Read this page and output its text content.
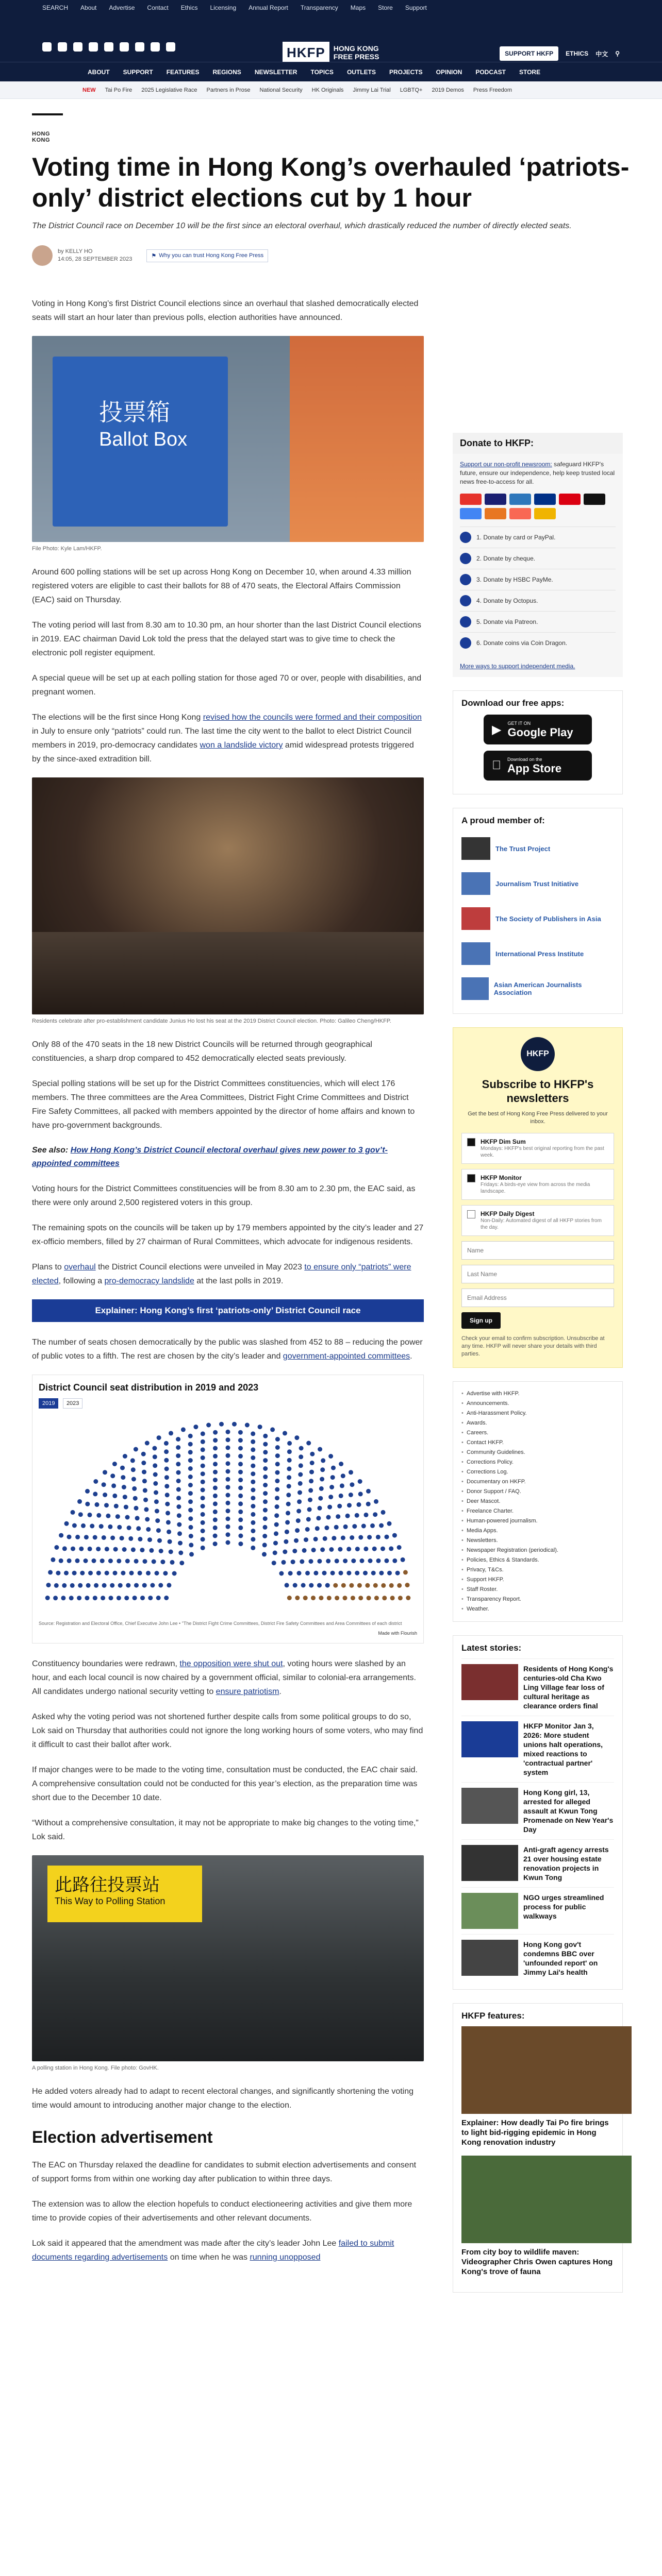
SEARCH About Advertise Contact Ethics Licensing Annual Report Transparency Maps Store Support
HKFP	HONG KONG
FREE PRESS	SUPPORT HKFP	ETHICS 中文 ⚲
ABOUT SUPPORT FEATURES REGIONS NEWSLETTER TOPICS OUTLETS PROJECTS OPINION PODCAST STORE
NEW Tai Po Fire 2025 Legislative Race Partners in Prose National Security HK Originals Jimmy Lai Trial LGBTQ+ 2019 Demos Press Freedom
HONG KONG
Voting time in Hong Kong’s overhauled ‘patriots-only’ district elections cut by 1 hour
The District Council race on December 10 will be the first since an electoral overhaul, which drastically reduced the number of directly elected seats.
by KELLY HO
14:05, 28 SEPTEMBER 2023
⚑ Why you can trust Hong Kong Free Press

Voting in Hong Kong’s first District Council elections since an overhaul that slashed democratically elected seats will start an hour later than previous polls, election authorities have announced.

投票箱
Ballot Box
File Photo: Kyle Lam/HKFP.

Around 600 polling stations will be set up across Hong Kong on December 10, when around 4.33 million registered voters are eligible to cast their ballots for 88 of 470 seats, the Electoral Affairs Commission (EAC) said on Thursday.

The voting period will last from 8.30 am to 10.30 pm, an hour shorter than the last District Council elections in 2019. EAC chairman David Lok told the press that the delayed start was to give time to check the electronic poll register equipment.

A special queue will be set up at each polling station for those aged 70 or over, people with disabilities, and pregnant women.

The elections will be the first since Hong Kong revised how the councils were formed and their composition in July to ensure only “patriots” could run. The last time the city went to the ballot to elect District Council members in 2019, pro-democracy candidates won a landslide victory amid widespread protests triggered by the since-axed extradition bill.

Residents celebrate after pro-establishment candidate Junius Ho lost his seat at the 2019 District Council election. Photo: Galileo Cheng/HKFP.

Only 88 of the 470 seats in the 18 new District Councils will be returned through geographical constituencies, a sharp drop compared to 452 democratically elected seats previously.

Special polling stations will be set up for the District Committees constituencies, which will elect 176 members. The three committees are the Area Committees, District Fight Crime Committees and District Fire Safety Committees, all packed with members appointed by the director of home affairs and known to have pro-government backgrounds.

See also: How Hong Kong’s District Council electoral overhaul gives new power to 3 gov’t-appointed committees

Voting hours for the District Committees constituencies will be from 8.30 am to 2.30 pm, the EAC said, as there were only around 2,500 registered voters in this group.

The remaining spots on the councils will be taken up by 179 members appointed by the city’s leader and 27 ex-officio members, filled by 27 chairman of Rural Committees, which advocate for indigenous residents.

Plans to overhaul the District Council elections were unveiled in May 2023 to ensure only “patriots” were elected, following a pro-democracy landslide at the last polls in 2019.

Explainer: Hong Kong’s first ‘patriots-only’ District Council race

The number of seats chosen democratically by the public was slashed from 452 to 88 – reducing the power of public votes to a fifth. The rest are chosen by the city’s leader and government-appointed committees.

District Council seat distribution in 2019 and 2023
2019 2023
Source: Registration and Electoral Office, Chief Executive John Lee • "The District Fight Crime Committees, District Fire Safety Committees and Area Committees of each district
Made with Flourish

Constituency boundaries were redrawn, the opposition were shut out, voting hours were slashed by an hour, and each local council is now chaired by a government official, similar to colonial-era arrangements. All candidates undergo national security vetting to ensure patriotism.

Asked why the voting period was not shortened further despite calls from some political groups to do so, Lok said on Thursday that authorities could not ignore the long working hours of some voters, who may find it difficult to cast their ballot after work.

If major changes were to be made to the voting time, consultation must be conducted, the EAC chair said. A comprehensive consultation could not be conducted for this year’s election, as the preparation time was short due to the December 10 date.

“Without a comprehensive consultation, it may not be appropriate to make big changes to the voting time,” Lok said.

此路往投票站
This Way to Polling Station
A polling station in Hong Kong. File photo: GovHK.

He added voters already had to adapt to recent electoral changes, and significantly shortening the voting time would amount to introducing another major change to the election.

Election advertisement

The EAC on Thursday relaxed the deadline for candidates to submit election advertisements and consent of support forms from within one working day after publication to within three days.

The extension was to allow the election hopefuls to conduct electioneering activities and give them more time to provide copies of their advertisements and other relevant documents.

Lok said it appeared that the amendment was made after the city’s leader John Lee failed to submit documents regarding advertisements on time when he was running unopposed

Donate to HKFP:
Support our non-profit newsroom: safeguard HKFP's future, ensure our independence, help keep trusted local news free-to-access for all.
1. Donate by card or PayPal.
2. Donate by cheque.
3. Donate by HSBC PayMe.
4. Donate by Octopus.
5. Donate via Patreon.
6. Donate coins via Coin Dragon.
More ways to support independent media.
Download our free apps:
▶ GET IT ON
Google Play
Download on the
App Store
A proud member of:
The Trust Project
Journalism Trust Initiative
The Society of Publishers in Asia
International Press Institute
Asian American Journalists Association
HKFP
Subscribe to HKFP's newsletters
Get the best of Hong Kong Free Press delivered to your inbox.
HKFP Dim Sum
Mondays: HKFP's best original reporting from the past week.
HKFP Monitor
Fridays: A birds-eye view from across the media landscape.
HKFP Daily Digest
Non-Daily: Automated digest of all HKFP stories from the day.
Name Last Name Email Address Sign up
Check your email to confirm subscription. Unsubscribe at any time. HKFP will never share your details with third parties.
• Advertise with HKFP.
• Announcements.
• Anti-Harassment Policy.
• Awards.
• Careers.
• Contact HKFP.
• Community Guidelines.
• Corrections Policy.
• Corrections Log.
• Documentary on HKFP.
• Donor Support / FAQ.
• Deer Mascot.
• Freelance Charter.
• Human-powered journalism.
• Media Apps.
• Newsletters.
• Newspaper Registration (periodical).
• Policies, Ethics & Standards.
• Privacy, T&Cs.
• Support HKFP.
• Staff Roster.
• Transparency Report.
• Weather.
Latest stories:
Residents of Hong Kong's centuries-old Cha Kwo Ling Village fear loss of cultural heritage as clearance orders final
HKFP Monitor Jan 3, 2026: More student unions halt operations, mixed reactions to 'contractual partner' system
Hong Kong girl, 13, arrested for alleged assault at Kwun Tong Promenade on New Year's Day
Anti-graft agency arrests 21 over housing estate renovation projects in Kwun Tong
NGO urges streamlined process for public walkways
Hong Kong gov't condemns BBC over 'unfounded report' on Jimmy Lai's health
HKFP features:
Explainer: How deadly Tai Po fire brings to light bid-rigging epidemic in Hong Kong renovation industry
From city boy to wildlife maven: Videographer Chris Owen captures Hong Kong's trove of fauna
